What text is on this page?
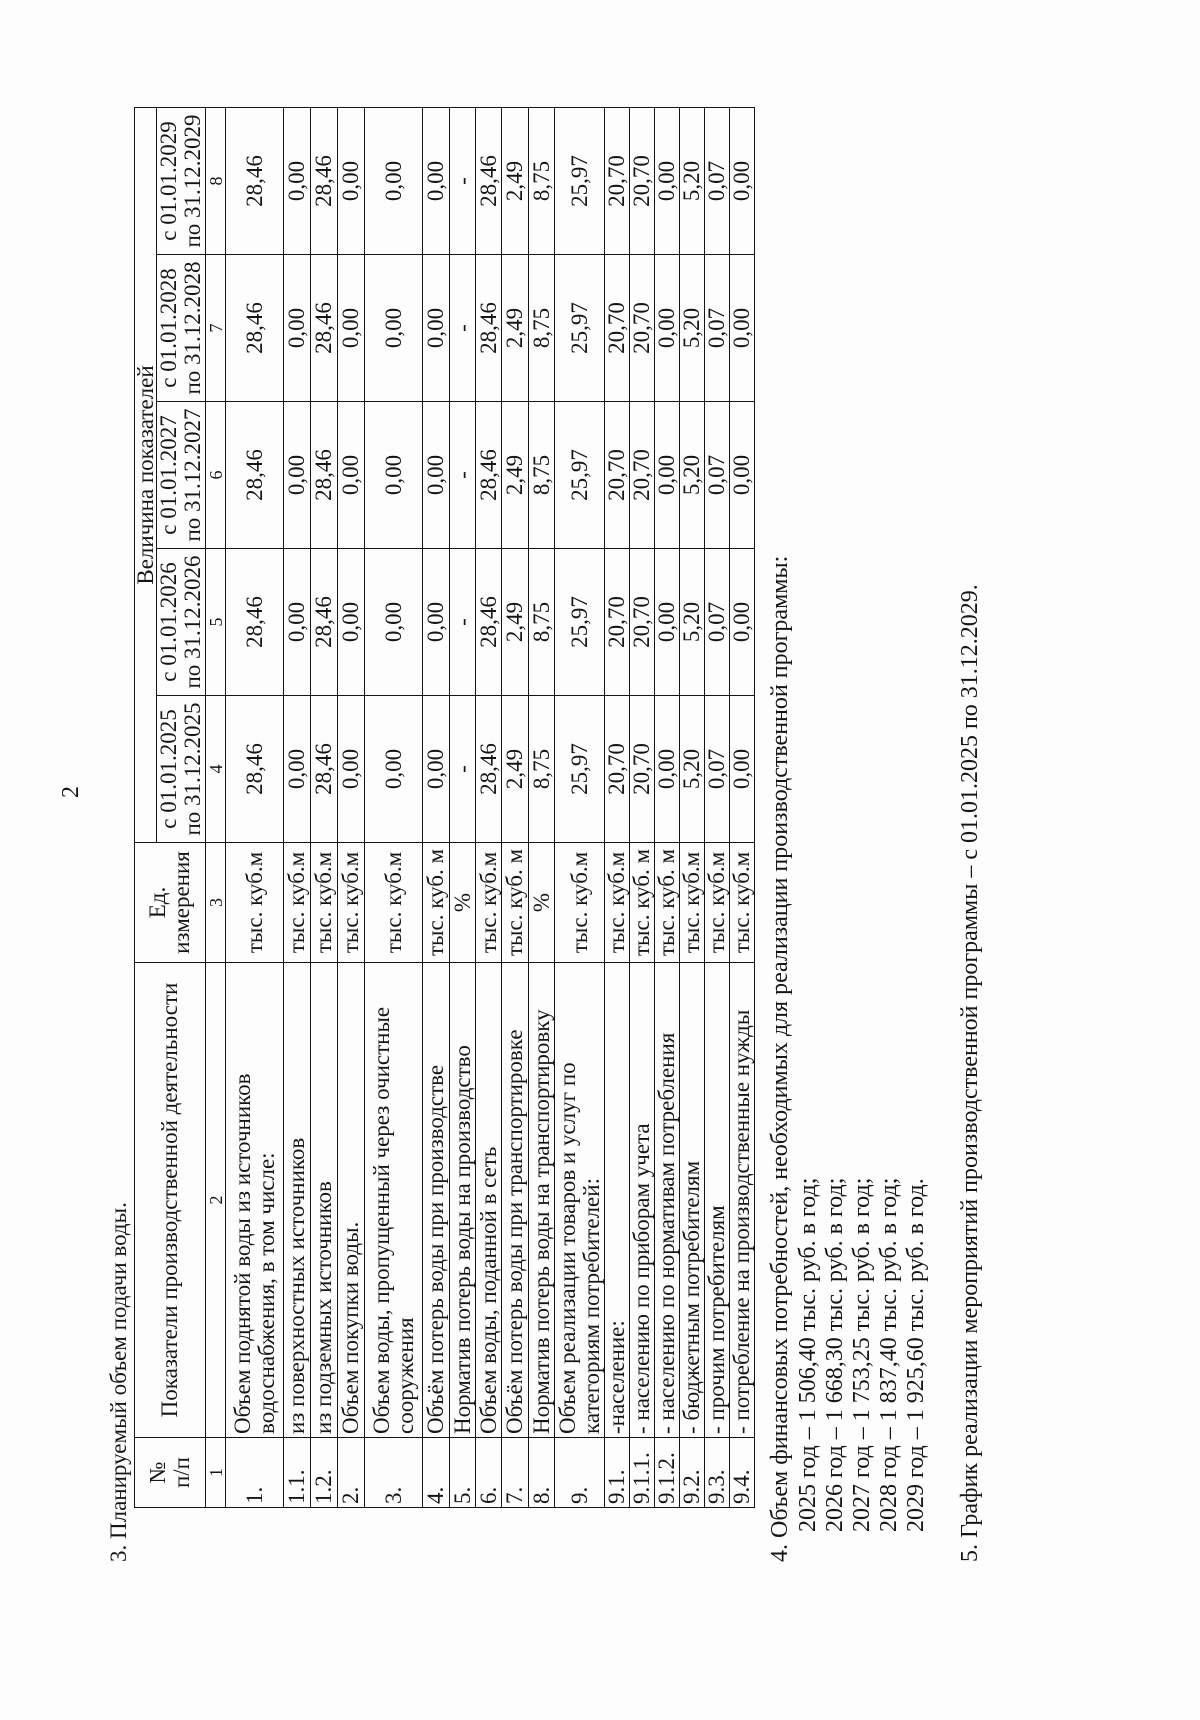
2
3. Планируемый объем подачи воды. № п/п	Показатели производственной деятельности	Ед. измерения	Величина показателей				

			с 01.01.2025 по 31.12.2025	с 01.01.2026 по 31.12.2026	с 01.01.2027 по 31.12.2027	с 01.01.2028 по 31.12.2028	с 01.01.2029 по 31.12.2029

1	2	3	4	5	6	7	8
1.	Объем поднятой воды из источников водоснабжения, в том числе:	тыс. куб.м	28,46	28,46	28,46	28,46	28,46
1.1.	из поверхностных источников	тыс. куб.м	0,00	0,00	0,00	0,00	0,00
1.2.	из подземных источников	тыс. куб.м	28,46	28,46	28,46	28,46	28,46
2.	Объем покупки воды.	тыс. куб.м	0,00	0,00	0,00	0,00	0,00
3.	Объем воды, пропущенный через очистные сооружения	тыс. куб.м	0,00	0,00	0,00	0,00	0,00
4.	Объём потерь воды при производстве	тыс. куб. м	0,00	0,00	0,00	0,00	0,00
5.	Норматив потерь воды на производство	%	-	-	-	-	-
6.	Объем воды, поданной в сеть	тыс. куб.м	28,46	28,46	28,46	28,46	28,46
7.	Объём потерь воды при транспортировке	тыс. куб. м	2,49	2,49	2,49	2,49	2,49
8.	Норматив потерь воды на транспортировку	%	8,75	8,75	8,75	8,75	8,75
9.	Объем реализации товаров и услуг по категориям потребителей:	тыс. куб.м	25,97	25,97	25,97	25,97	25,97
9.1.	-население:	тыс. куб.м	20,70	20,70	20,70	20,70	20,70
9.1.1.	- населению по приборам учета	тыс. куб. м	20,70	20,70	20,70	20,70	20,70
9.1.2.	- населению по нормативам потребления	тыс. куб. м	0,00	0,00	0,00	0,00	0,00
9.2.	- бюджетным потребителям	тыс. куб.м	5,20	5,20	5,20	5,20	5,20
9.3.	- прочим потребителям	тыс. куб.м	0,07	0,07	0,07	0,07	0,07
9.4.	- потребление на производственные нужды	тыс. куб.м	0,00	0,00	0,00	0,00	0,00
4. Объем финансовых потребностей, необходимых для реализации производственной программы: 2025 год – 1 506,40 тыс. руб. в год; 2026 год – 1 668,30 тыс. руб. в год; 2027 год – 1 753,25 тыс. руб. в год; 2028 год – 1 837,40 тыс. руб. в год; 2029 год – 1 925,60 тыс. руб. в год. 5. График реализации мероприятий производственной программы – с 01.01.2025 по 31.12.2029.
